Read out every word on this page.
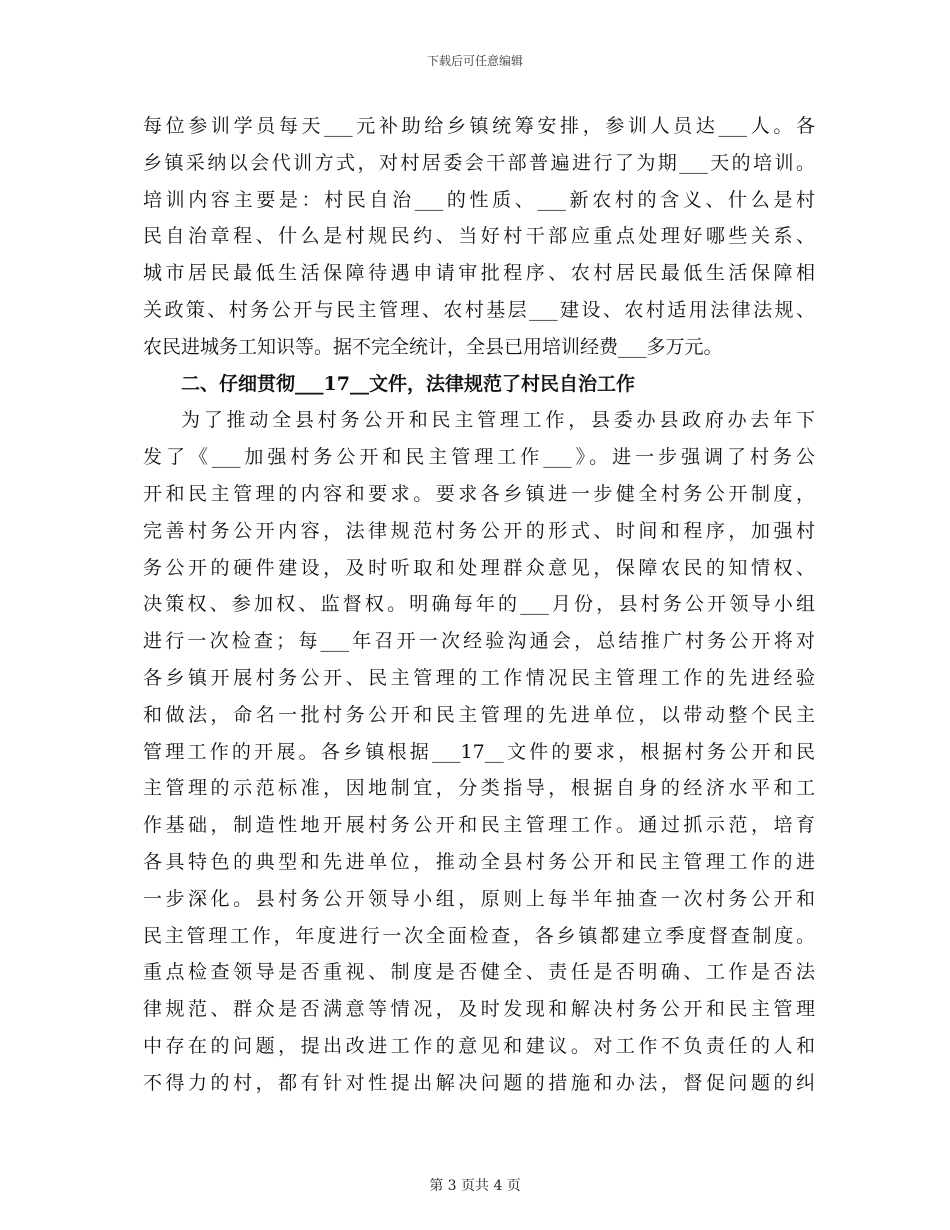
下载后可任意编辑
每位参训学员每天___元补助给乡镇统筹安排，参训人员达___人。各
乡镇采纳以会代训方式，对村居委会干部普遍进行了为期___天的培训。
培训内容主要是：村民自治___的性质、___新农村的含义、什么是村
民自治章程、什么是村规民约、当好村干部应重点处理好哪些关系、
城市居民最低生活保障待遇申请审批程序、农村居民最低生活保障相
关政策、村务公开与民主管理、农村基层___建设、农村适用法律法规、
农民进城务工知识等。据不完全统计，全县已用培训经费___多万元。
二、仔细贯彻___17__文件，法律规范了村民自治工作
为了推动全县村务公开和民主管理工作，县委办县政府办去年下
发了《___加强村务公开和民主管理工作___》。进一步强调了村务公
开和民主管理的内容和要求。要求各乡镇进一步健全村务公开制度，
完善村务公开内容，法律规范村务公开的形式、时间和程序，加强村
务公开的硬件建设，及时听取和处理群众意见，保障农民的知情权、
决策权、参加权、监督权。明确每年的___月份，县村务公开领导小组
进行一次检查；每___年召开一次经验沟通会，总结推广村务公开将对
各乡镇开展村务公开、民主管理的工作情况民主管理工作的先进经验
和做法，命名一批村务公开和民主管理的先进单位，以带动整个民主
管理工作的开展。各乡镇根据___17__文件的要求，根据村务公开和民
主管理的示范标准，因地制宜，分类指导，根据自身的经济水平和工
作基础，制造性地开展村务公开和民主管理工作。通过抓示范，培育
各具特色的典型和先进单位，推动全县村务公开和民主管理工作的进
一步深化。县村务公开领导小组，原则上每半年抽查一次村务公开和
民主管理工作，年度进行一次全面检查，各乡镇都建立季度督查制度。
重点检查领导是否重视、制度是否健全、责任是否明确、工作是否法
律规范、群众是否满意等情况，及时发现和解决村务公开和民主管理
中存在的问题，提出改进工作的意见和建议。对工作不负责任的人和
不得力的村，都有针对性提出解决问题的措施和办法，督促问题的纠
第 3 页共 4 页
